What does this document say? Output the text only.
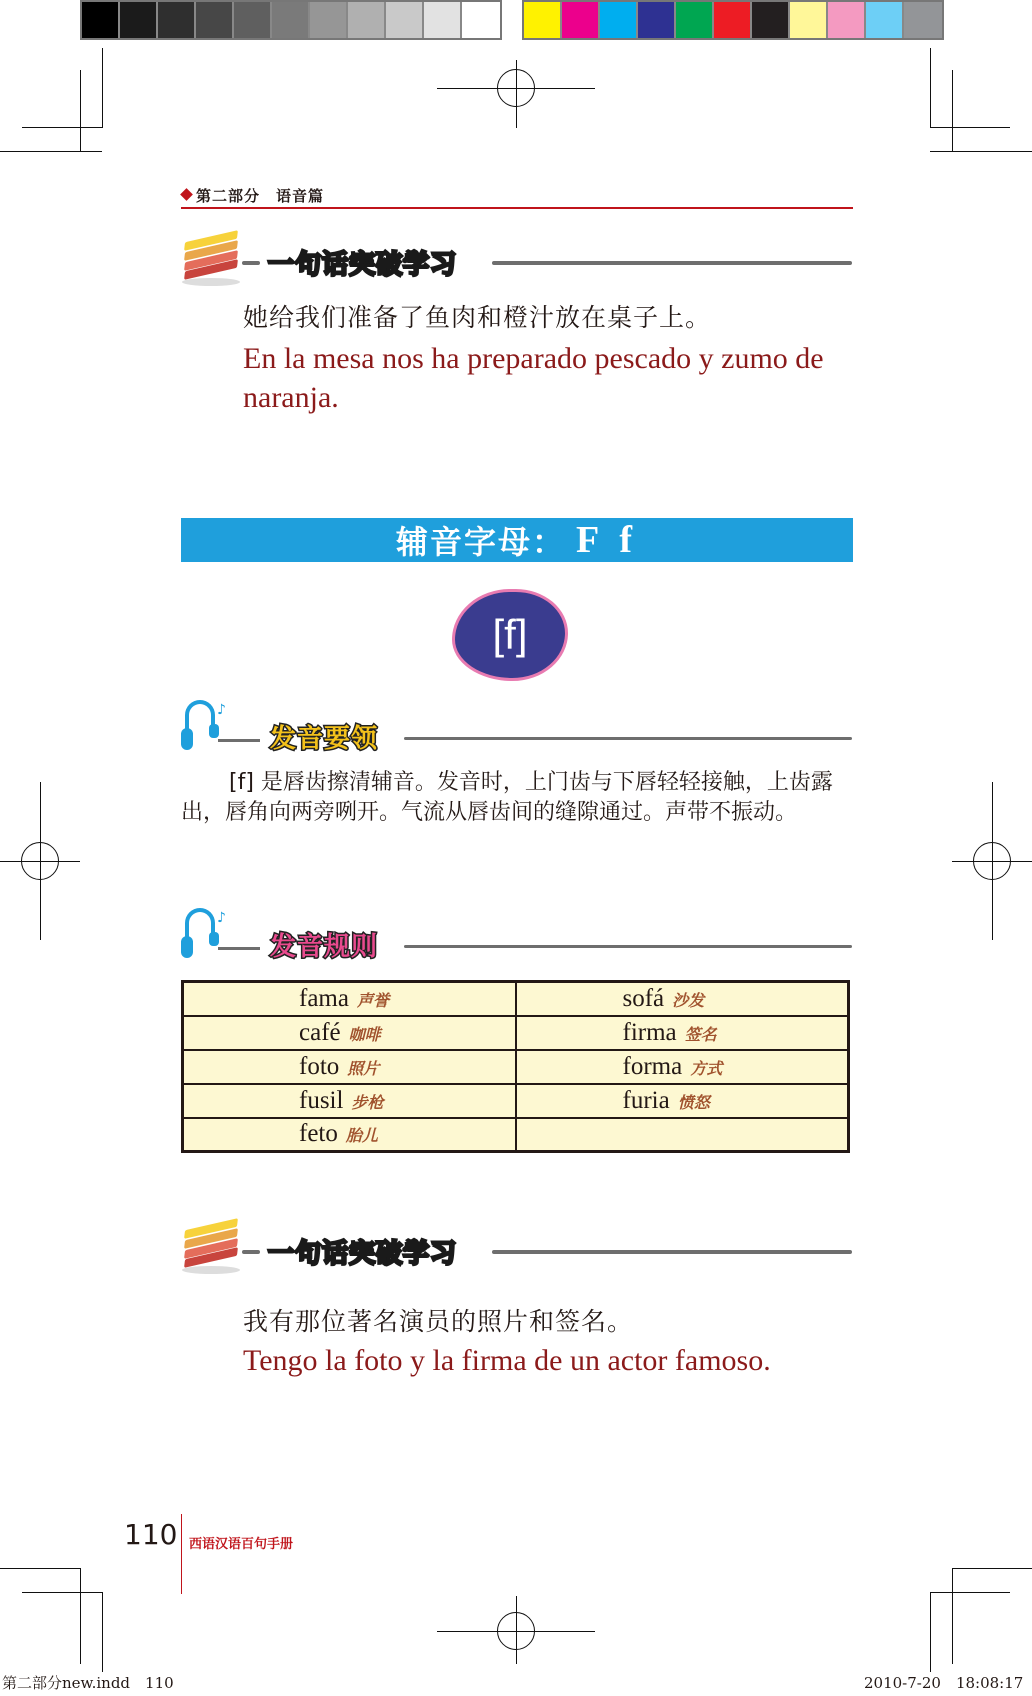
第二部分　语音篇
一句话突破学习
她给我们准备了鱼肉和橙汁放在桌子上。
En la mesa nos ha preparado pescado y zumo de naranja.
辅音字母： F f
[f]
♪
发音要领
[f] 是唇齿擦清辅音。发音时，上门齿与下唇轻轻接触，上齿露出，唇角向两旁咧开。气流从唇齿间的缝隙通过。声带不振动。
♪
发音规则
fama 声誉	sofá 沙发

café 咖啡	firma 签名

foto 照片	forma 方式

fusil 步枪	furia 愤怒

feto 胎儿	

一句话突破学习
我有那位著名演员的照片和签名。
Tengo la foto y la firma de un actor famoso.
110 西语汉语百句手册
第二部分new.indd　110	2010-7-20　18:08:17
